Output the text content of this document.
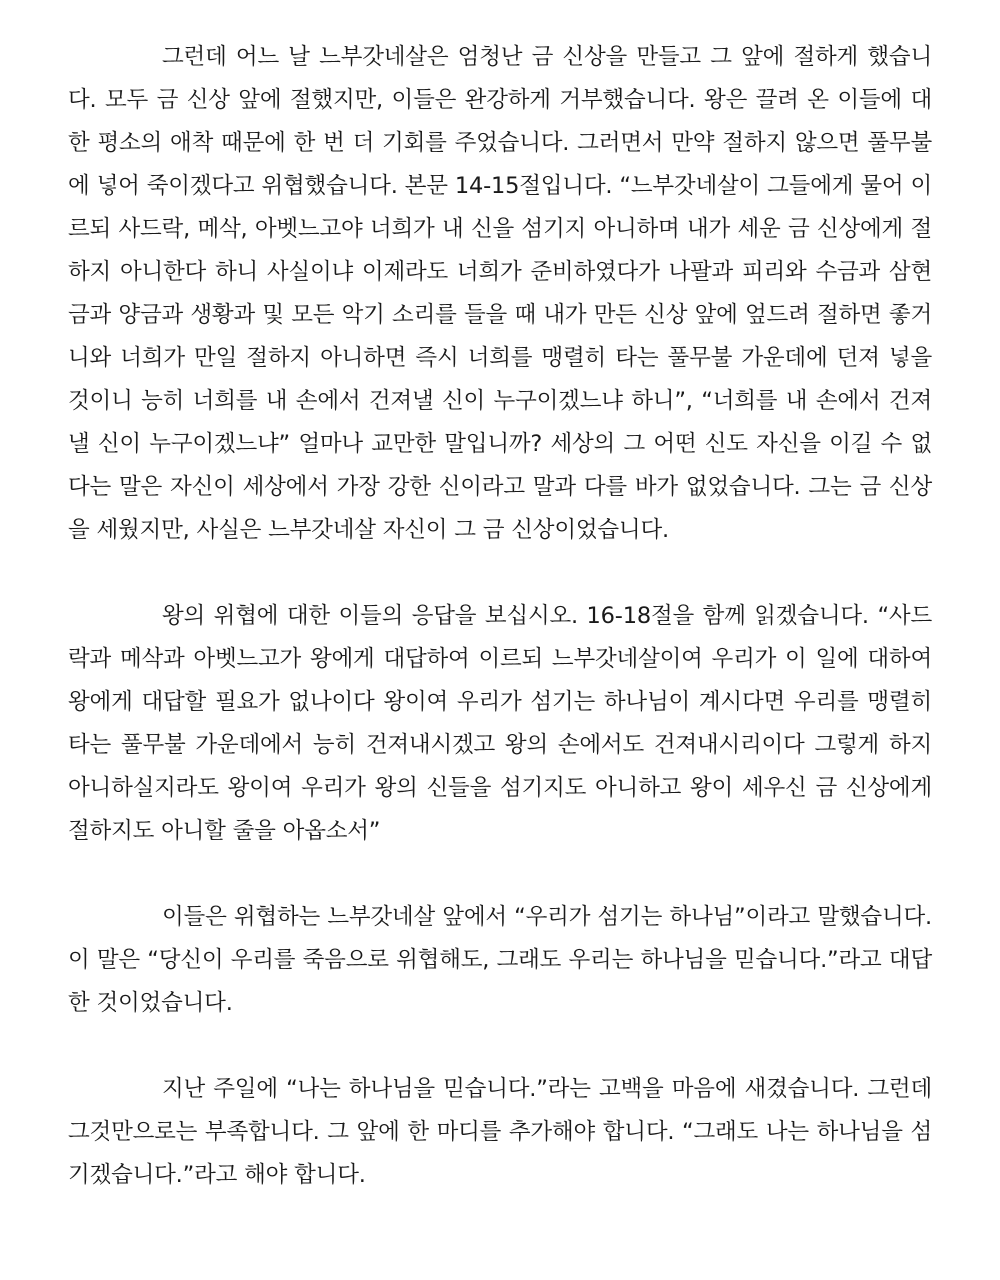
그런데 어느 날 느부갓네살은 엄청난 금 신상을 만들고 그 앞에 절하게 했습니다. 모두 금 신상 앞에 절했지만, 이들은 완강하게 거부했습니다. 왕은 끌려 온 이들에 대한 평소의 애착 때문에 한 번 더 기회를 주었습니다. 그러면서 만약 절하지 않으면 풀무불에 넣어 죽이겠다고 위협했습니다. 본문 14-15절입니다. “느부갓네살이 그들에게 물어 이르되 사드락, 메삭, 아벳느고야 너희가 내 신을 섬기지 아니하며 내가 세운 금 신상에게 절하지 아니한다 하니 사실이냐 이제라도 너희가 준비하였다가 나팔과 피리와 수금과 삼현금과 양금과 생황과 및 모든 악기 소리를 들을 때 내가 만든 신상 앞에 엎드려 절하면 좋거니와 너희가 만일 절하지 아니하면 즉시 너희를 맹렬히 타는 풀무불 가운데에 던져 넣을 것이니 능히 너희를 내 손에서 건져낼 신이 누구이겠느냐 하니”, “너희를 내 손에서 건져낼 신이 누구이겠느냐” 얼마나 교만한 말입니까? 세상의 그 어떤 신도 자신을 이길 수 없다는 말은 자신이 세상에서 가장 강한 신이라고 말과 다를 바가 없었습니다. 그는 금 신상을 세웠지만, 사실은 느부갓네살 자신이 그 금 신상이었습니다.

왕의 위협에 대한 이들의 응답을 보십시오. 16-18절을 함께 읽겠습니다. “사드락과 메삭과 아벳느고가 왕에게 대답하여 이르되 느부갓네살이여 우리가 이 일에 대하여 왕에게 대답할 필요가 없나이다 왕이여 우리가 섬기는 하나님이 계시다면 우리를 맹렬히 타는 풀무불 가운데에서 능히 건져내시겠고 왕의 손에서도 건져내시리이다 그렇게 하지 아니하실지라도 왕이여 우리가 왕의 신들을 섬기지도 아니하고 왕이 세우신 금 신상에게 절하지도 아니할 줄을 아옵소서”

이들은 위협하는 느부갓네살 앞에서 “우리가 섬기는 하나님”이라고 말했습니다. 이 말은 “당신이 우리를 죽음으로 위협해도, 그래도 우리는 하나님을 믿습니다.”라고 대답한 것이었습니다.

지난 주일에 “나는 하나님을 믿습니다.”라는 고백을 마음에 새겼습니다. 그런데 그것만으로는 부족합니다. 그 앞에 한 마디를 추가해야 합니다. “그래도 나는 하나님을 섬기겠습니다.”라고 해야 합니다.
